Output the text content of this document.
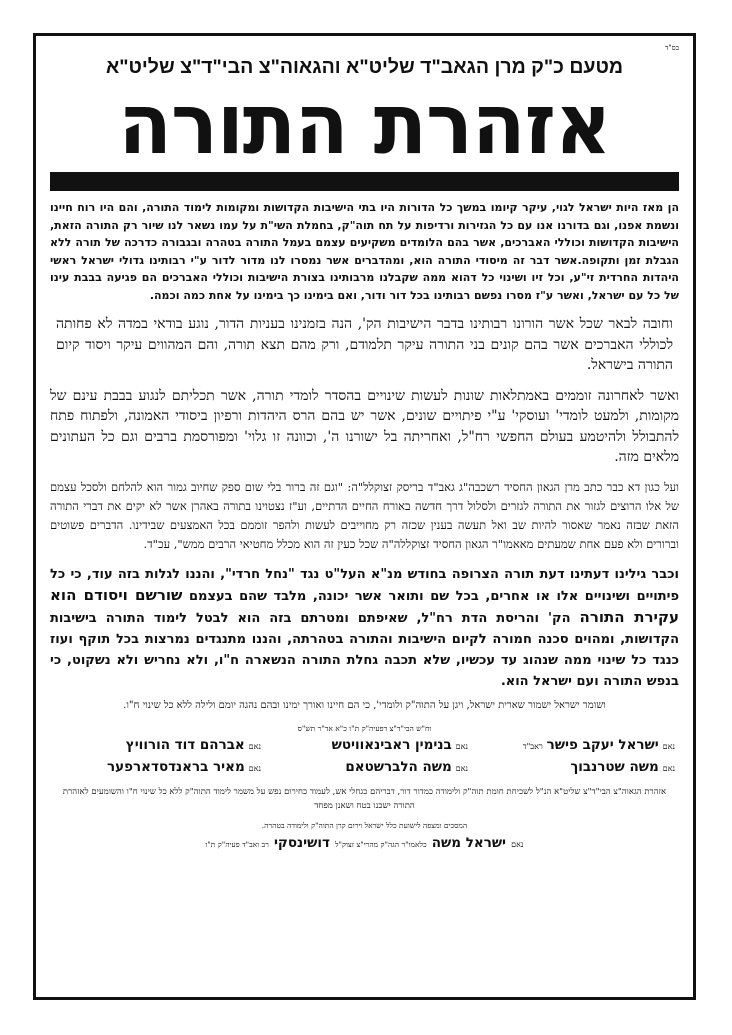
בס"ד
מטעם כ"ק מרן הגאב"ד שליט"א והגאוה"צ הבי"ד"צ שליט"א
אזהרת התורה

הן מאז היות ישראל לגוי, עיקר קיומו במשך כל הדורות היו בתי הישיבות הקדושות ומקומות לימוד התורה, והם היו רוח חיינו ונשמת אפנו, וגם בדורנו אנו עם כל הגזירות ורדיפות על תח תוה"ק, בחמלת השי"ת על עמו נשאר לנו שיור רק התורה הזאת, הישיבות הקדושות וכוללי האברכים, אשר בהם הלומדים משקיעים עצמם בעמל התורה בטהרה ובגבורה כדרכה של תורה ללא הגבלת זמן ותקופה.אשר דבר זה מיסודי התורה הוא, ומהדברים אשר נמסרו לנו מדור לדור ע"י רבותינו גדולי ישראל ראשי היהדות החרדית זי"ע, וכל זיו ושינוי כל דהוא ממה שקבלנו מרבותינו בצורת הישיבות וכוללי האברכים הם פגיעה בבבת עינו של כל עם ישראל, ואשר ע"ז מסרו נפשם רבותינו בכל דור ודור, ואם בימינו כך בימינו על אחת כמה וכמה.

וחובה לבאר שכל אשר הורונו רבותינו בדבר הישיבות הק', הנה בזמנינו בעניות הדור, נוגע בודאי במדה לא פחותה לכוללי האברכים אשר בהם קונים בני התורה עיקר תלמודם, ורק מהם תצא תורה, והם המהווים עיקר ויסוד קיום התורה בישראל.

ואשר לאחרונה זוממים באמתלאות שונות לעשות שינויים בהסדר לומדי תורה, אשר תכליתם לנגוע בבבת עינם של מקומות, ולמעט לומדי' ועוסקי' ע"י פיתויים שונים, אשר יש בהם הרס היהדות ורפיון ביסודי האמונה, ולפתוח פתח להתבולל ולהיטמע בעולם החפשי רח"ל, ואחריתה בל ישורנו ה', וכוונה זו גלוי' ומפורסמת ברבים וגם כל העתונים מלאים מזה.

ועל כגון דא כבר כתב מרן הגאון החסיד רשכבה"ג גאב"ד בריסק זצוקלל"ה: "וגם זה ברור בלי שום ספק שחיוב גמור הוא להלחם ולסכל עצמם של אלו הרוצים לגזור את התורה לגזרים ולסלול דרך חדשה באורח החיים הדתיים, וע"ז נצטוינו בתורה באהרן אשר לא יקים את דברי התורה הזאת שבזה נאמר שאסור להיות שב ואל תעשה בענין שכזה רק מחוייבים לעשות ולהפר זוממם בכל האמצעים שבידינו. הדברים פשוטים וברורים ולא פעם אחת שמעתים מאאמו"ר הגאון החסיד זצוקללה"ה שכל כעין זה הוא מכלל מחטיאי הרבים ממש", עכ"ד.

וכבר גילינו דעתינו דעת תורה הצרופה בחודש מנ"א העל"ט נגד "נחל חרדי", והננו לגלות בזה עוד, כי כל פיתויים ושינויים אלו או אחרים, בכל שם ותואר אשר יכונה, מלבד שהם בעצמם שורשם ויסודם הוא עקירת התורה הק' והריסת הדת רח"ל, שאיפתם ומטרתם בזה הוא לבטל לימוד התורה בישיבות הקדושות, ומהוים סכנה חמורה לקיום הישיבות והתורה בטהרתה, והננו מתנגדים נמרצות בכל תוקף ועוז כנגד כל שינוי ממה שנהוג עד עכשיו, שלא תכבה גחלת התורה הנשארה ח"ו, ולא נחריש ולא נשקוט, כי בנפש התורה ועם ישראל הוא.

ושומר ישראל ישמור שארית ישראל, ויגן על התוה"ק ולומדי', כי הם חיינו ואורך ימינו ובהם נהגה יומם ולילה ללא כל שינוי ח"ו.

וח"ש הבי"ד"צ דפעיה"ק ת"ו כ"א אד"ר תש"ס
נאם ישראל יעקב פישר ראב"ד
נאם בנימין ראבינאוויטש
נאם אברהם דוד הורוויץ
נאם משה שטרנבוך
נאם משה הלברשטאם
נאם מאיר בראנדסדארפער
אזהרת הגאוה"צ הבי"ד"צ שליט"א הנ"ל לשכיחת חומת תוה"ק ולימודה כמדור דור, דבריהם כגחלי אש, לעמוד כחירום נפש על משמר לימוד התוה"ק ללא כל שינוי ח"ו והשומעים לאזהרת התורה ישכנו בטח ושאנן מפחד
המסכים ומצפה לישועת כלל ישראל וירום קרן התוה"ק ולימודה בטהרה.
נאם ישראל משה כלאמו"ר הגה"ק מהרי"צ זצוק"ל דושינסקי רב ואב"ד פעיה"ק ת"ו
